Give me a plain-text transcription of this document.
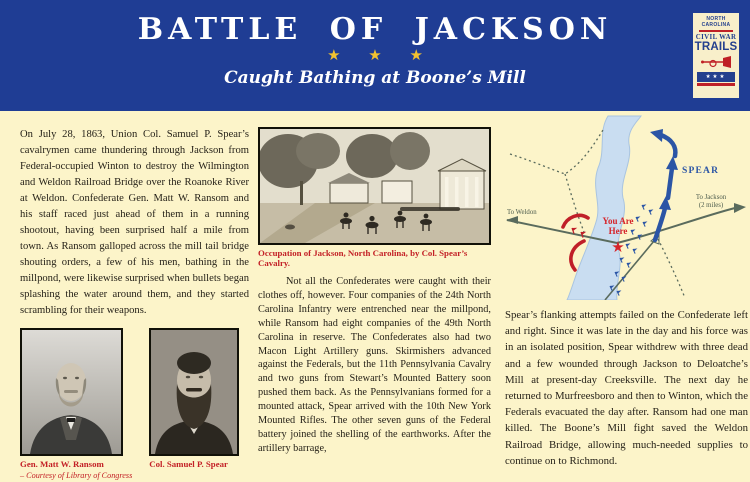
BATTLE OF JACKSON
★ ★ ★
Caught Bathing at Boone’s Mill
NORTH
CAROLINA
CIVIL WAR
TRAILS
★★★
On July 28, 1863, Union Col. Samuel P. Spear’s cavalrymen came thundering through Jackson from Federal-occupied Winton to destroy the Wilmington and Weldon Railroad Bridge over the Roanoke River at Weldon. Confederate Gen. Matt W. Ransom and his staff raced just ahead of them in a running shootout, having been surprised half a mile from town. As Ransom galloped across the mill tail bridge shouting orders, a few of his men, bathing in the millpond, were likewise surprised when bullets began splashing the water around them, and they started scrambling for their weapons.
Gen. Matt W. Ransom
– Courtesy of Library of Congress
Col. Samuel P. Spear
Occupation of Jackson, North Carolina, by Col. Spear’s Cavalry.
Not all the Confederates were caught with their clothes off, however. Four companies of the 24th North Carolina Infantry were entrenched near the millpond, while Ransom had eight companies of the 49th North Carolina in reserve. The Confederates also had two Macon Light Artillery guns. Skirmishers advanced against the Federals, but the 11th Pennsylvania Cavalry and two guns from Stewart’s Mounted Battery soon pushed them back. As the Pennsylvanians formed for a mounted attack, Spear arrived with the 10th New York Mounted Rifles. The other seven guns of the Federal battery joined the shelling of the earthworks. After the artillery barrage,
To Weldon
To Jackson
(2 miles)
SPEAR
You Are
Here
★
Spear’s flanking attempts failed on the Confederate left and right. Since it was late in the day and his force was in an isolated position, Spear withdrew with three dead and a few wounded through Jackson to Deloatche’s Mill at present-day Creeksville. The next day he returned to Murfreesboro and then to Winton, which the Federals evacuated the day after. Ransom had one man killed. The Boone’s Mill fight saved the Weldon Railroad Bridge, allowing much-needed supplies to continue on to Richmond.
